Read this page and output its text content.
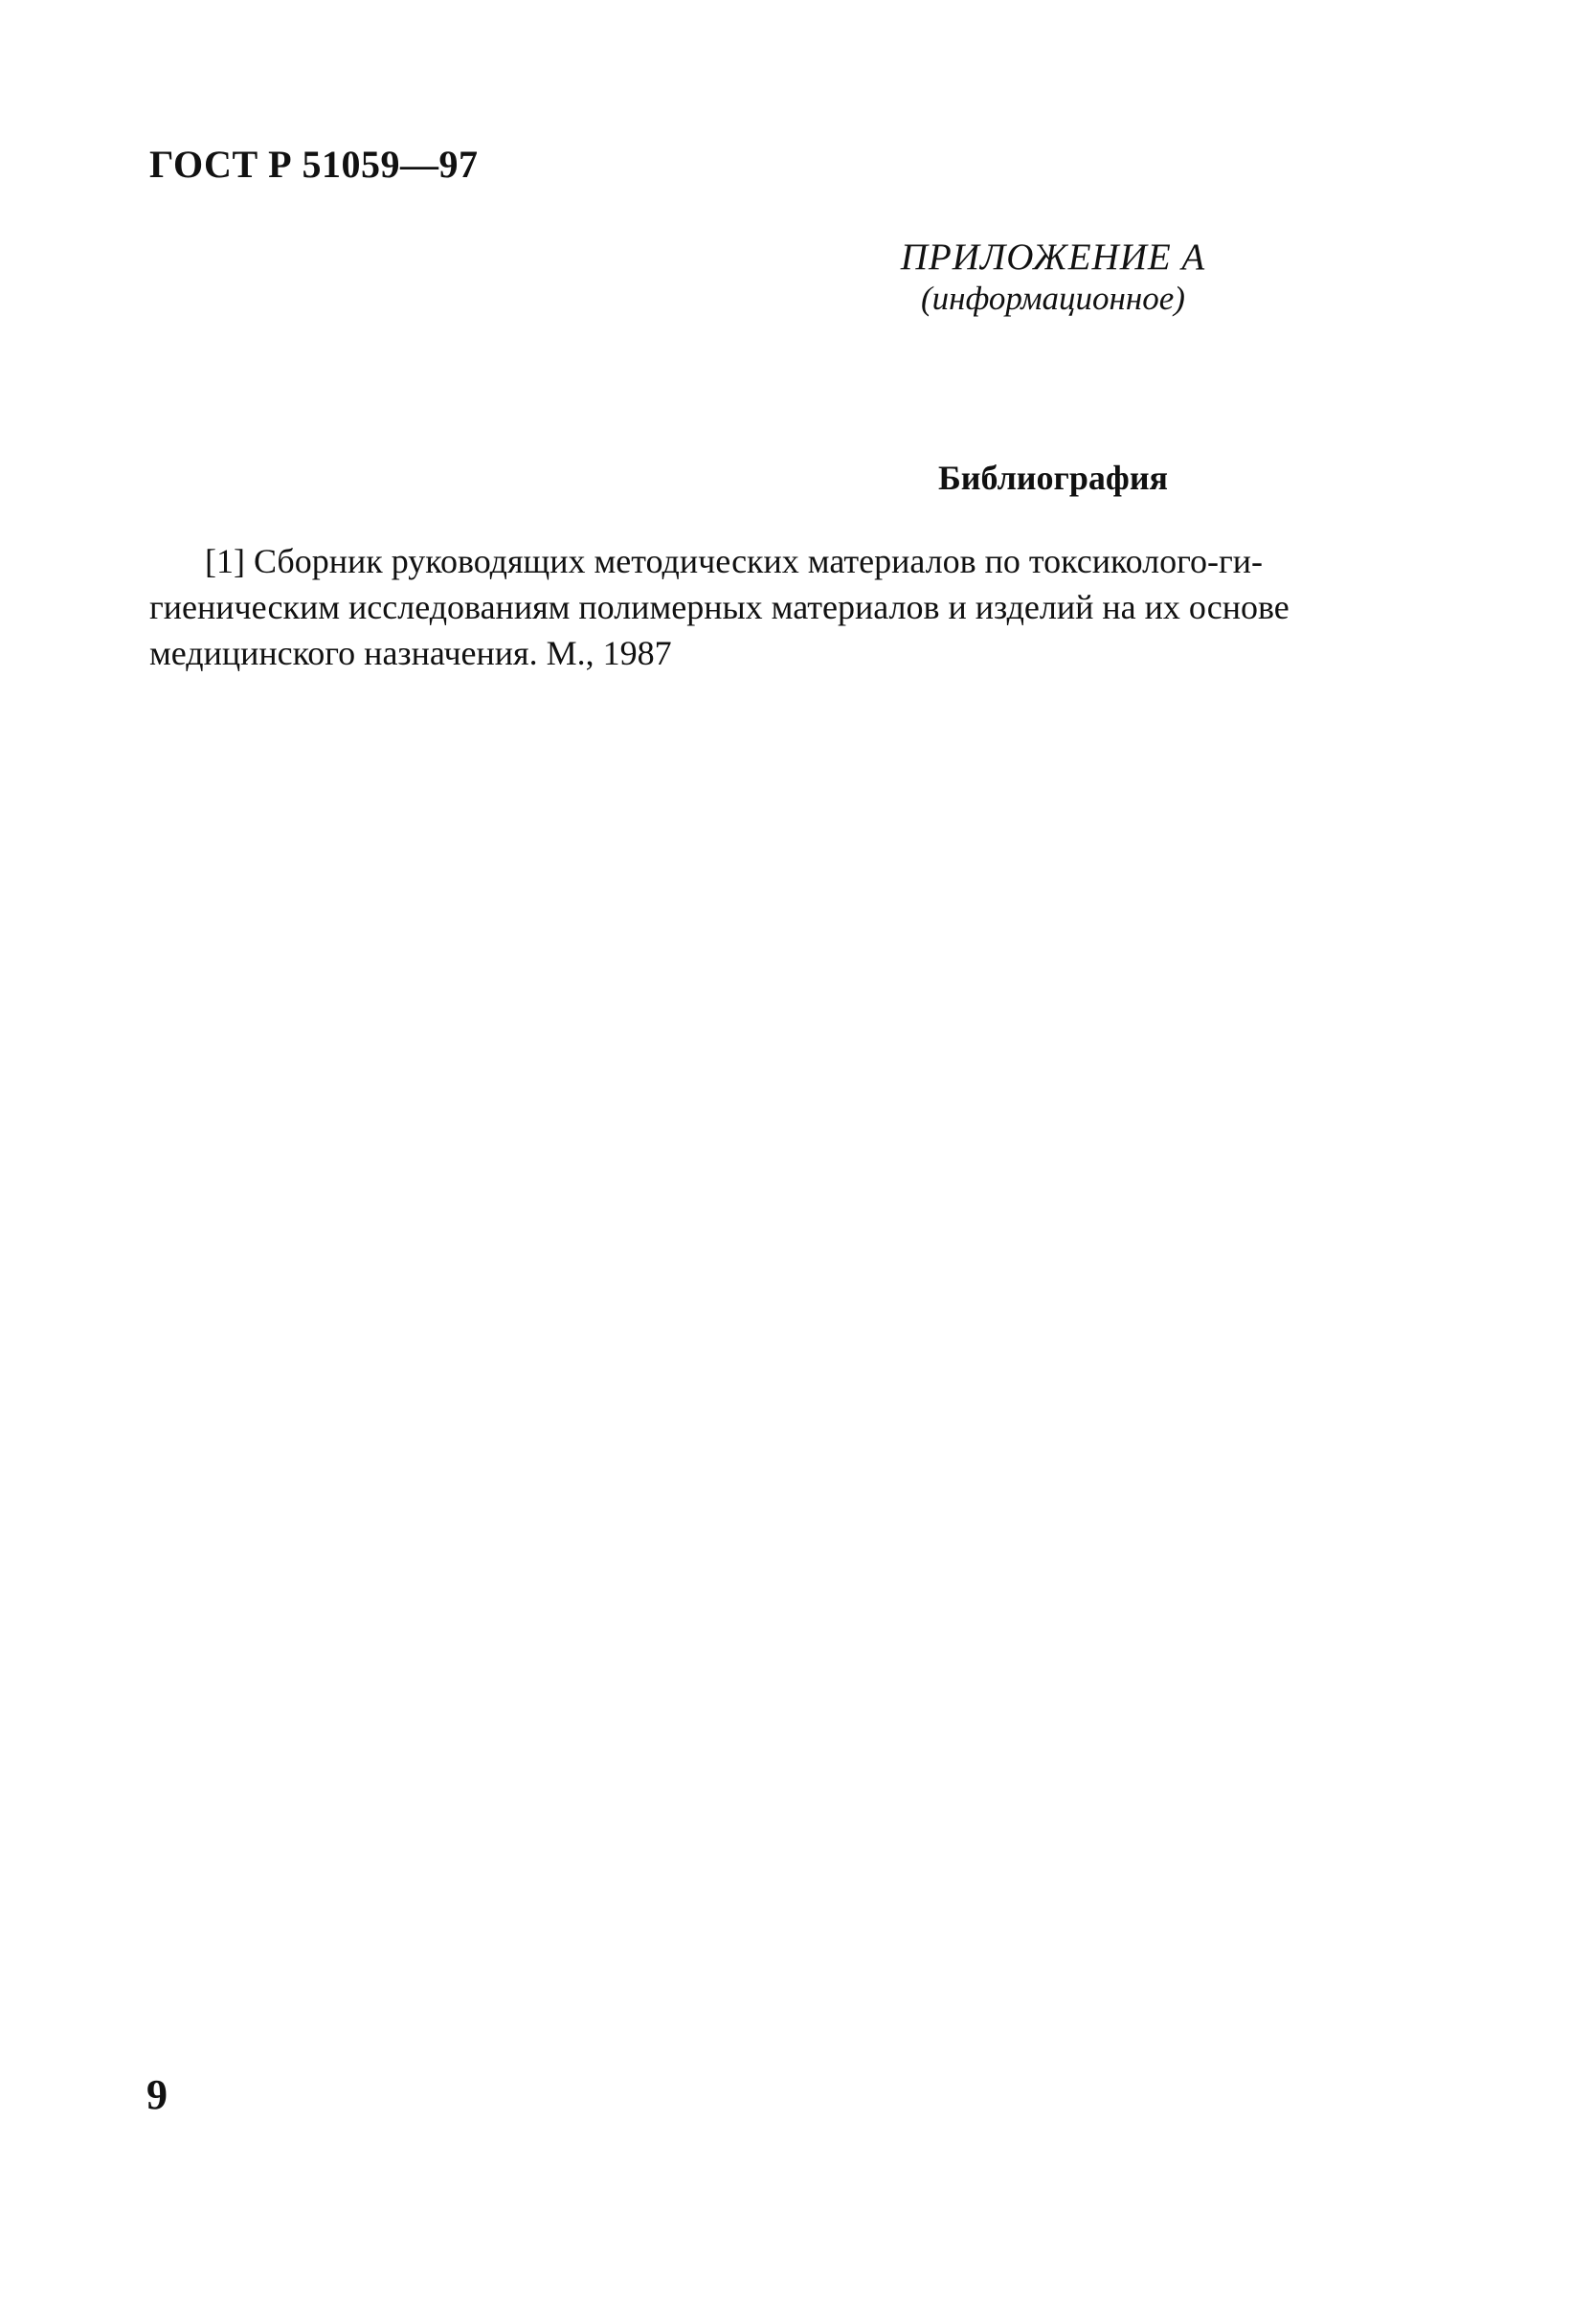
ГОСТ Р 51059—97
ПРИЛОЖЕНИЕ А
(информационное)
Библиография
[1] Сборник руководящих методических материалов по токсиколого-ги-
гиеническим исследованиям полимерных материалов и изделий на их основе
медицинского назначения. М., 1987
9
